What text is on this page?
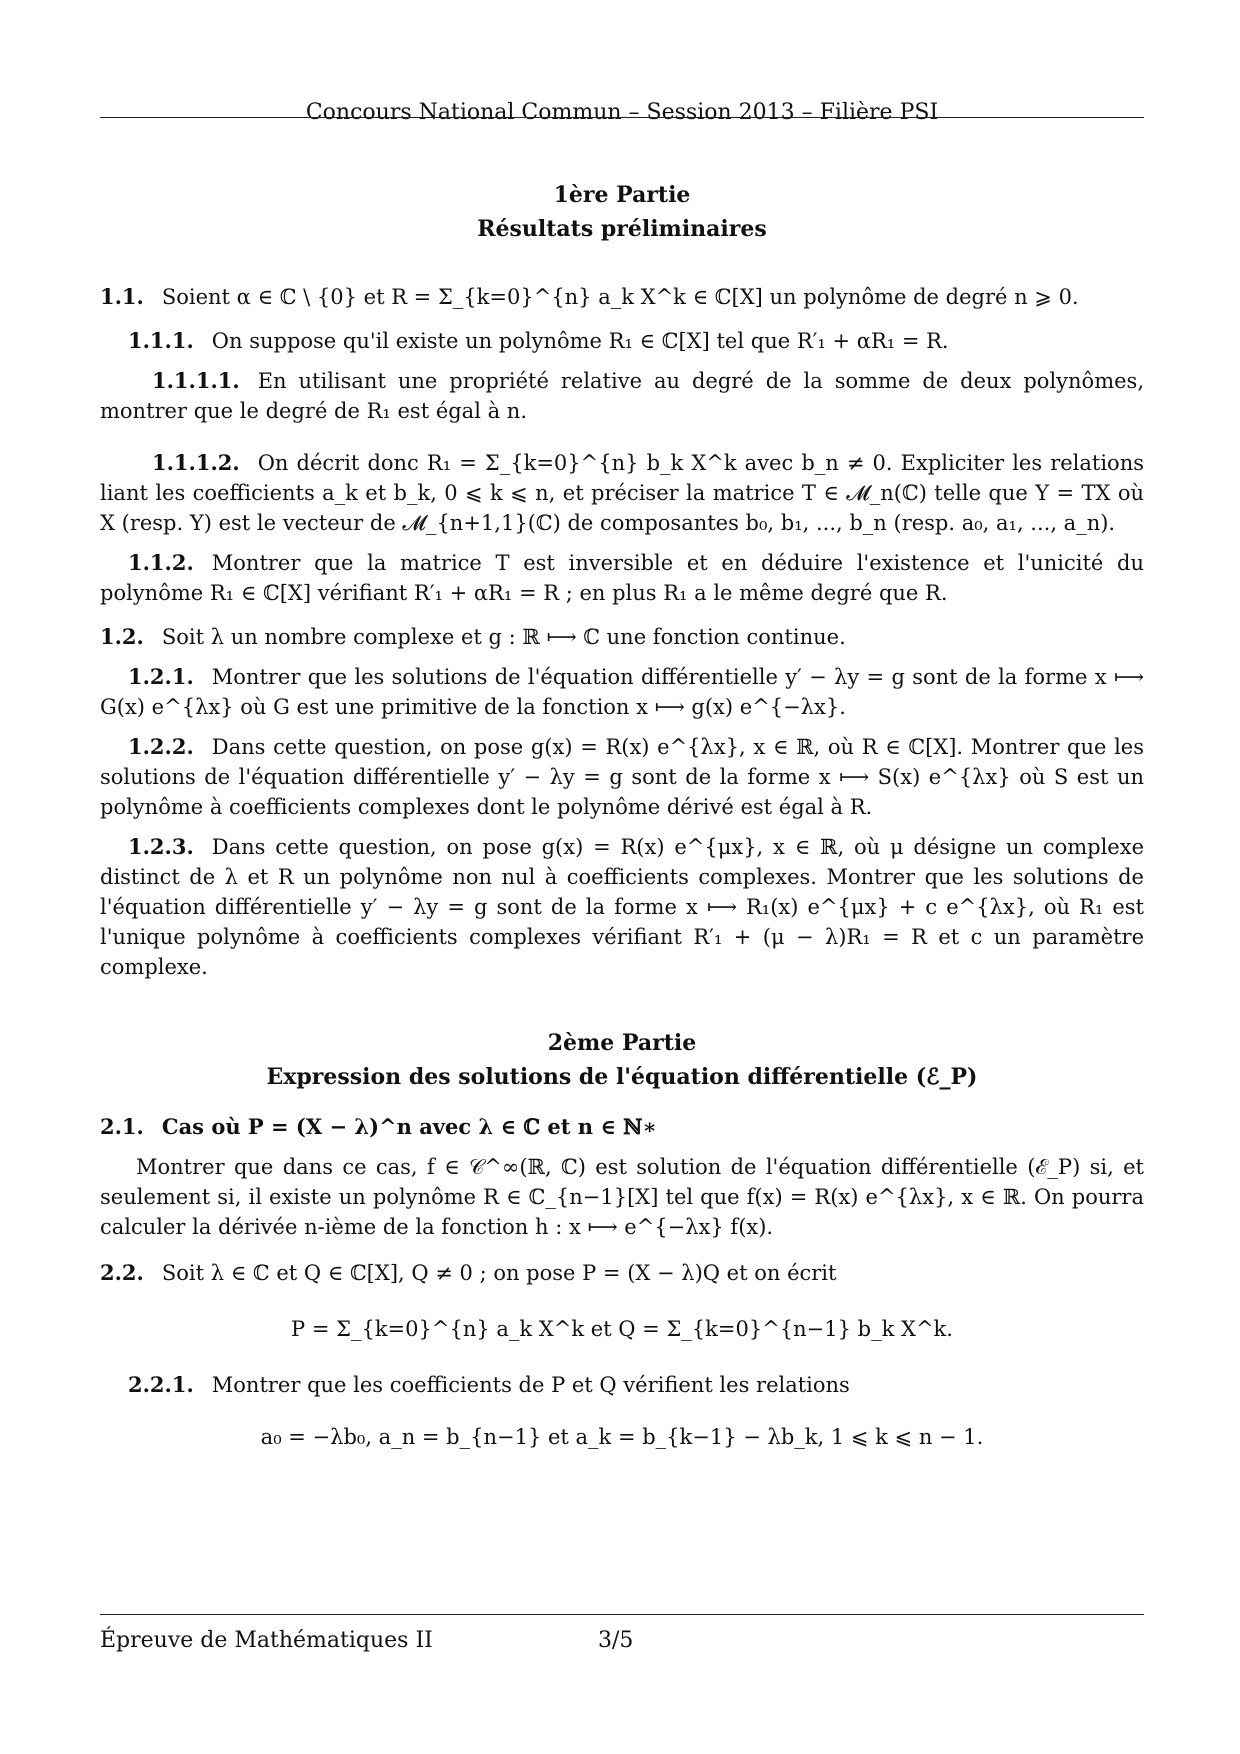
Concours National Commun – Session 2013 – Filière PSI
1ère Partie
Résultats préliminaires
1.1. Soient α ∈ ℂ \ {0} et R = Σ_{k=0}^{n} a_k X^k ∈ ℂ[X] un polynôme de degré n ⩾ 0.
1.1.1. On suppose qu'il existe un polynôme R₁ ∈ ℂ[X] tel que R′₁ + αR₁ = R.
1.1.1.1. En utilisant une propriété relative au degré de la somme de deux polynômes, montrer que le degré de R₁ est égal à n.
1.1.1.2. On décrit donc R₁ = Σ_{k=0}^{n} b_k X^k avec b_n ≠ 0. Expliciter les relations liant les coefficients a_k et b_k, 0 ⩽ k ⩽ n, et préciser la matrice T ∈ 𝓜_n(ℂ) telle que Y = TX où X (resp. Y) est le vecteur de 𝓜_{n+1,1}(ℂ) de composantes b₀, b₁, ..., b_n (resp. a₀, a₁, ..., a_n).
1.1.2. Montrer que la matrice T est inversible et en déduire l'existence et l'unicité du polynôme R₁ ∈ ℂ[X] vérifiant R′₁ + αR₁ = R ; en plus R₁ a le même degré que R.
1.2. Soit λ un nombre complexe et g : ℝ ⟼ ℂ une fonction continue.
1.2.1. Montrer que les solutions de l'équation différentielle y′ − λy = g sont de la forme x ⟼ G(x) e^{λx} où G est une primitive de la fonction x ⟼ g(x) e^{−λx}.
1.2.2. Dans cette question, on pose g(x) = R(x) e^{λx}, x ∈ ℝ, où R ∈ ℂ[X]. Montrer que les solutions de l'équation différentielle y′ − λy = g sont de la forme x ⟼ S(x) e^{λx} où S est un polynôme à coefficients complexes dont le polynôme dérivé est égal à R.
1.2.3. Dans cette question, on pose g(x) = R(x) e^{μx}, x ∈ ℝ, où μ désigne un complexe distinct de λ et R un polynôme non nul à coefficients complexes. Montrer que les solutions de l'équation différentielle y′ − λy = g sont de la forme x ⟼ R₁(x) e^{μx} + c e^{λx}, où R₁ est l'unique polynôme à coefficients complexes vérifiant R′₁ + (μ − λ)R₁ = R et c un paramètre complexe.
2ème Partie
Expression des solutions de l'équation différentielle (ℰ_P)
2.1. Cas où P = (X − λ)^n avec λ ∈ ℂ et n ∈ ℕ∗
Montrer que dans ce cas, f ∈ 𝒞^∞(ℝ, ℂ) est solution de l'équation différentielle (ℰ_P) si, et seulement si, il existe un polynôme R ∈ ℂ_{n−1}[X] tel que f(x) = R(x) e^{λx}, x ∈ ℝ. On pourra calculer la dérivée n-ième de la fonction h : x ⟼ e^{−λx} f(x).
2.2. Soit λ ∈ ℂ et Q ∈ ℂ[X], Q ≠ 0 ; on pose P = (X − λ)Q et on écrit
P = Σ_{k=0}^{n} a_k X^k et Q = Σ_{k=0}^{n−1} b_k X^k.
2.2.1. Montrer que les coefficients de P et Q vérifient les relations
a₀ = −λb₀, a_n = b_{n−1} et a_k = b_{k−1} − λb_k, 1 ⩽ k ⩽ n − 1.
Épreuve de Mathématiques II	3/5
